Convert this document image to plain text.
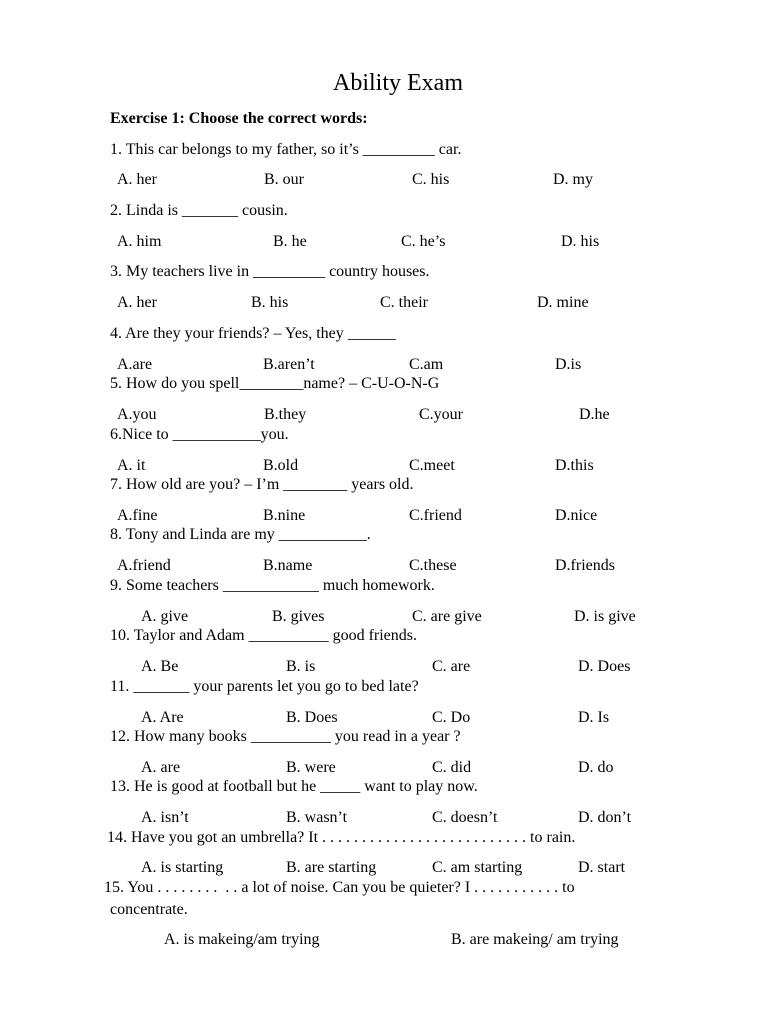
Ability Exam
Exercise 1: Choose the correct words:
1. This car belongs to my father, so it’s _________ car.
A. her	B. our	C. his	D. my
2. Linda is _______ cousin.
A. him	B. he	C. he’s	D. his
3. My teachers live in _________ country houses.
A. her	B. his	C. their	D. mine
4. Are they your friends? – Yes, they ______
A.are	B.aren’t	C.am	D.is
5. How do you spell________name? – C-U-O-N-G
A.you	B.they	C.your	D.he
6.Nice to ___________you.
A. it	B.old	C.meet	D.this
7. How old are you? – I’m ________ years old.
A.fine	B.nine	C.friend	D.nice
8. Tony and Linda are my ___________.
A.friend	B.name	C.these	D.friends
9. Some teachers ____________ much homework.
A. give	B. gives	C. are give	D. is give
10. Taylor and Adam __________ good friends.
A. Be	B. is	C. are	D. Does
11. _______ your parents let you go to bed late?
A. Are	B. Does	C. Do	D. Is
12. How many books __________ you read in a year ?
A. are	B. were	C. did	D. do
13. He is good at football but he _____ want to play now.
A. isn’t	B. wasn’t	C. doesn’t	D. don’t
14. Have you got an umbrella? It . . . . . . . . . . . . . . . . . . . . . . . . . . to rain.
A. is starting	B. are starting	C. am starting	D. start
15. You . . . . . . . .  . . a lot of noise. Can you be quieter? I . . . . . . . . . . . to
concentrate.
A. is makeing/am trying	B. are makeing/ am trying
